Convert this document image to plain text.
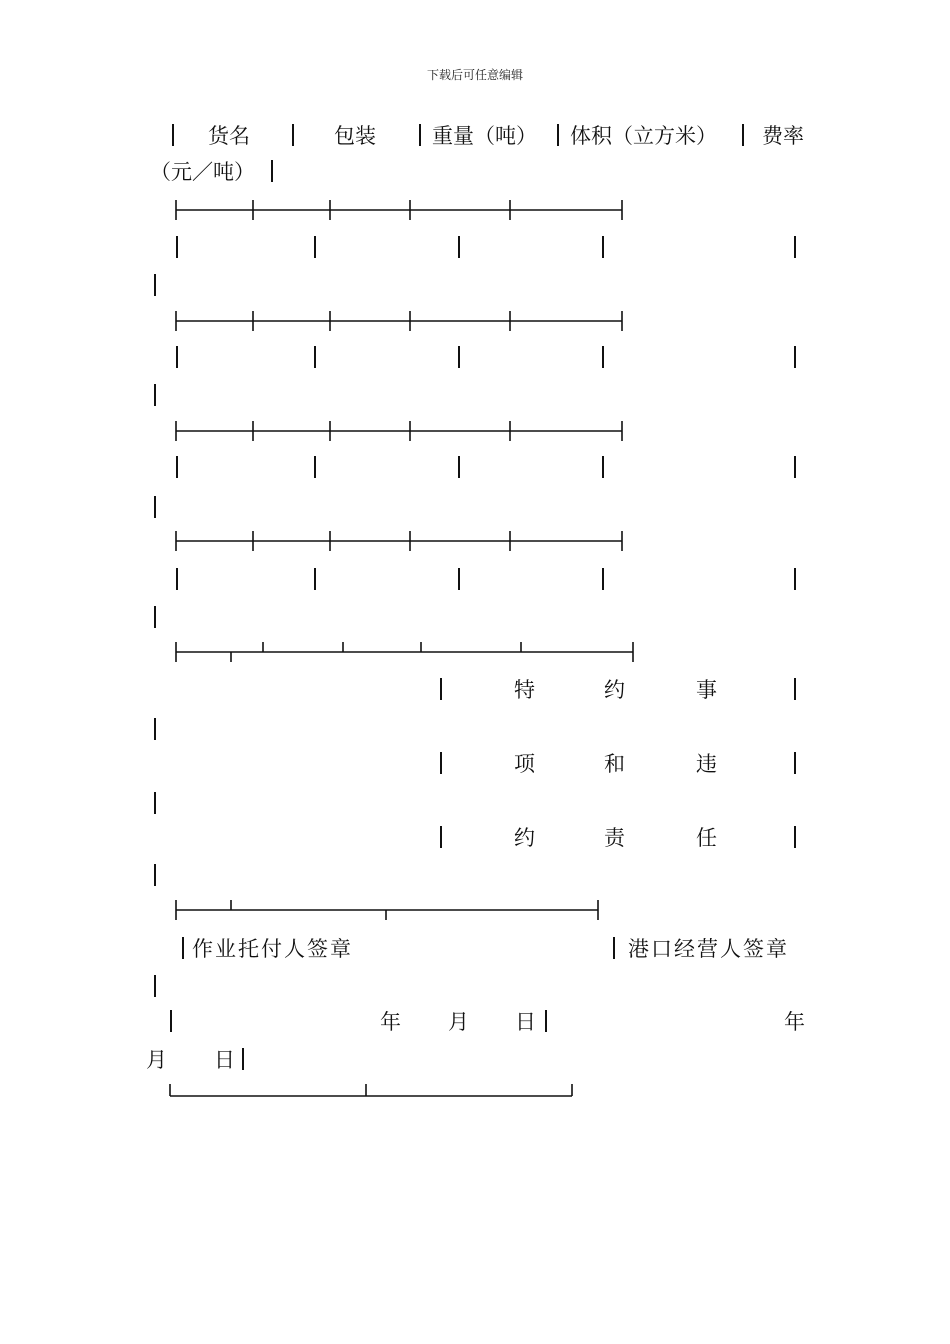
下载后可任意编辑
货名	包装	重量（吨） 体积（立方米） 费率
（元／吨）
特	约	事
项	和	违
约	责	任
作业托付人签章	港口经营人签章
年 月 日	年
月 日
